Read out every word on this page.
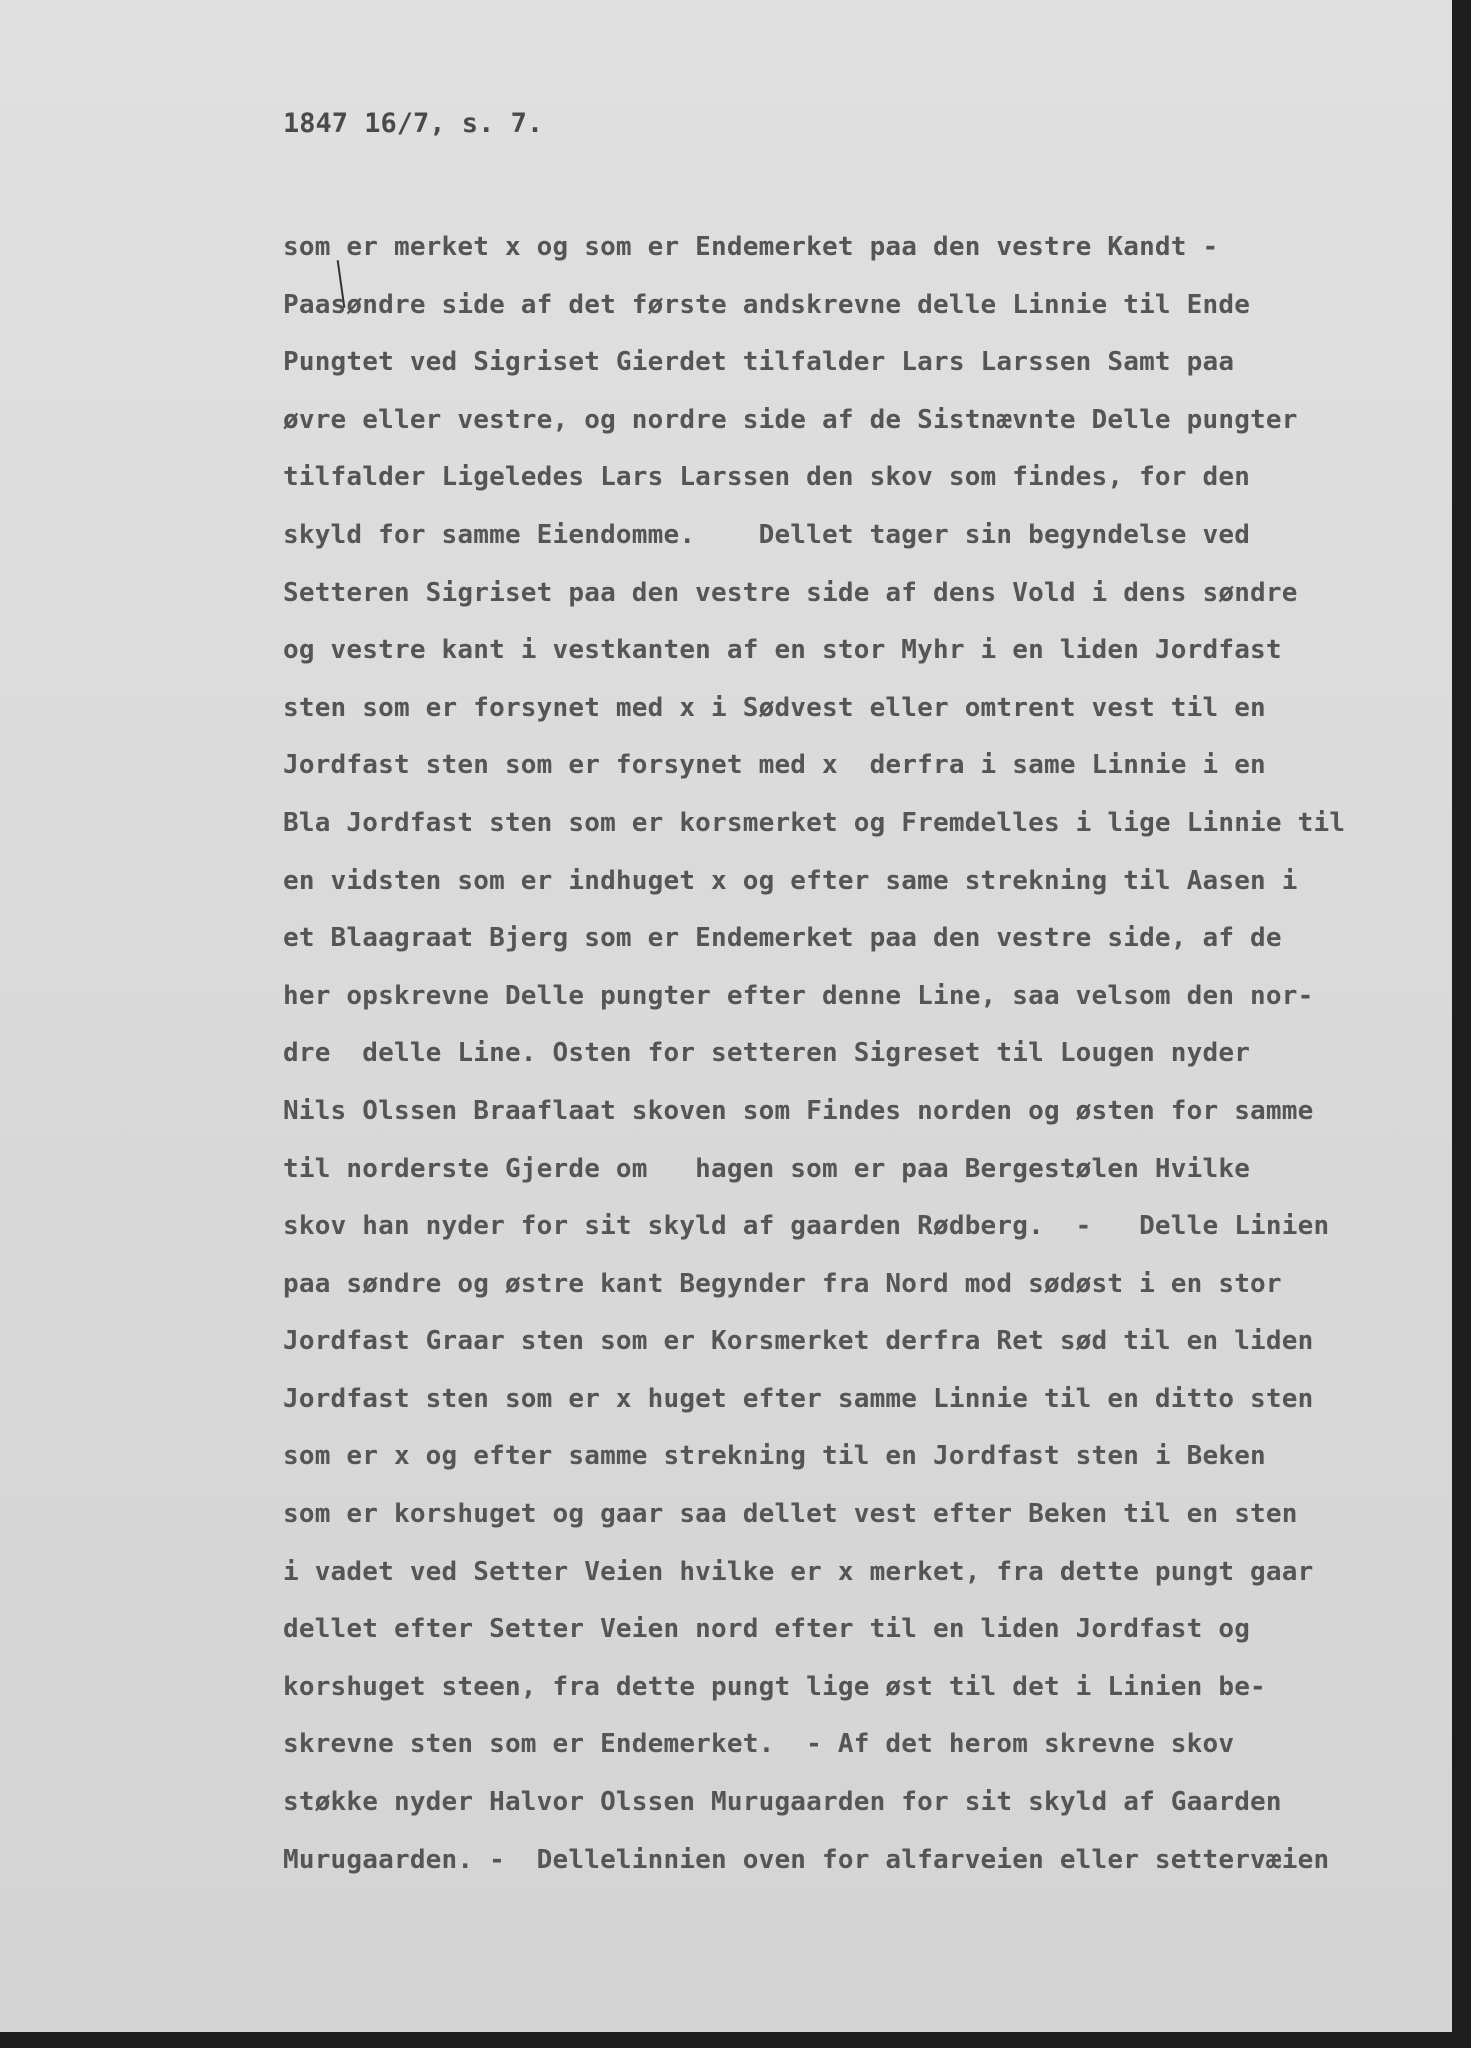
1847 16/7, s. 7.
som er merket x og som er Endemerket paa den vestre Kandt -
Paasøndre side af det første andskrevne delle Linnie til Ende
Pungtet ved Sigriset Gierdet tilfalder Lars Larssen Samt paa
øvre eller vestre, og nordre side af de Sistnævnte Delle pungter
tilfalder Ligeledes Lars Larssen den skov som findes, for den
skyld for samme Eiendomme.    Dellet tager sin begyndelse ved
Setteren Sigriset paa den vestre side af dens Vold i dens søndre
og vestre kant i vestkanten af en stor Myhr i en liden Jordfast
sten som er forsynet med x i Sødvest eller omtrent vest til en
Jordfast sten som er forsynet med x  derfra i same Linnie i en
Bla Jordfast sten som er korsmerket og Fremdelles i lige Linnie til
en vidsten som er indhuget x og efter same strekning til Aasen i
et Blaagraat Bjerg som er Endemerket paa den vestre side, af de
her opskrevne Delle pungter efter denne Line, saa velsom den nor-
dre  delle Line. Osten for setteren Sigreset til Lougen nyder
Nils Olssen Braaflaat skoven som Findes norden og østen for samme
til norderste Gjerde om   hagen som er paa Bergestølen Hvilke
skov han nyder for sit skyld af gaarden Rødberg.  -   Delle Linien
paa søndre og østre kant Begynder fra Nord mod sødøst i en stor
Jordfast Graar sten som er Korsmerket derfra Ret sød til en liden
Jordfast sten som er x huget efter samme Linnie til en ditto sten
som er x og efter samme strekning til en Jordfast sten i Beken
som er korshuget og gaar saa dellet vest efter Beken til en sten
i vadet ved Setter Veien hvilke er x merket, fra dette pungt gaar
dellet efter Setter Veien nord efter til en liden Jordfast og
korshuget steen, fra dette pungt lige øst til det i Linien be-
skrevne sten som er Endemerket.  - Af det herom skrevne skov
støkke nyder Halvor Olssen Murugaarden for sit skyld af Gaarden
Murugaarden. -  Dellelinnien oven for alfarveien eller settervæien
